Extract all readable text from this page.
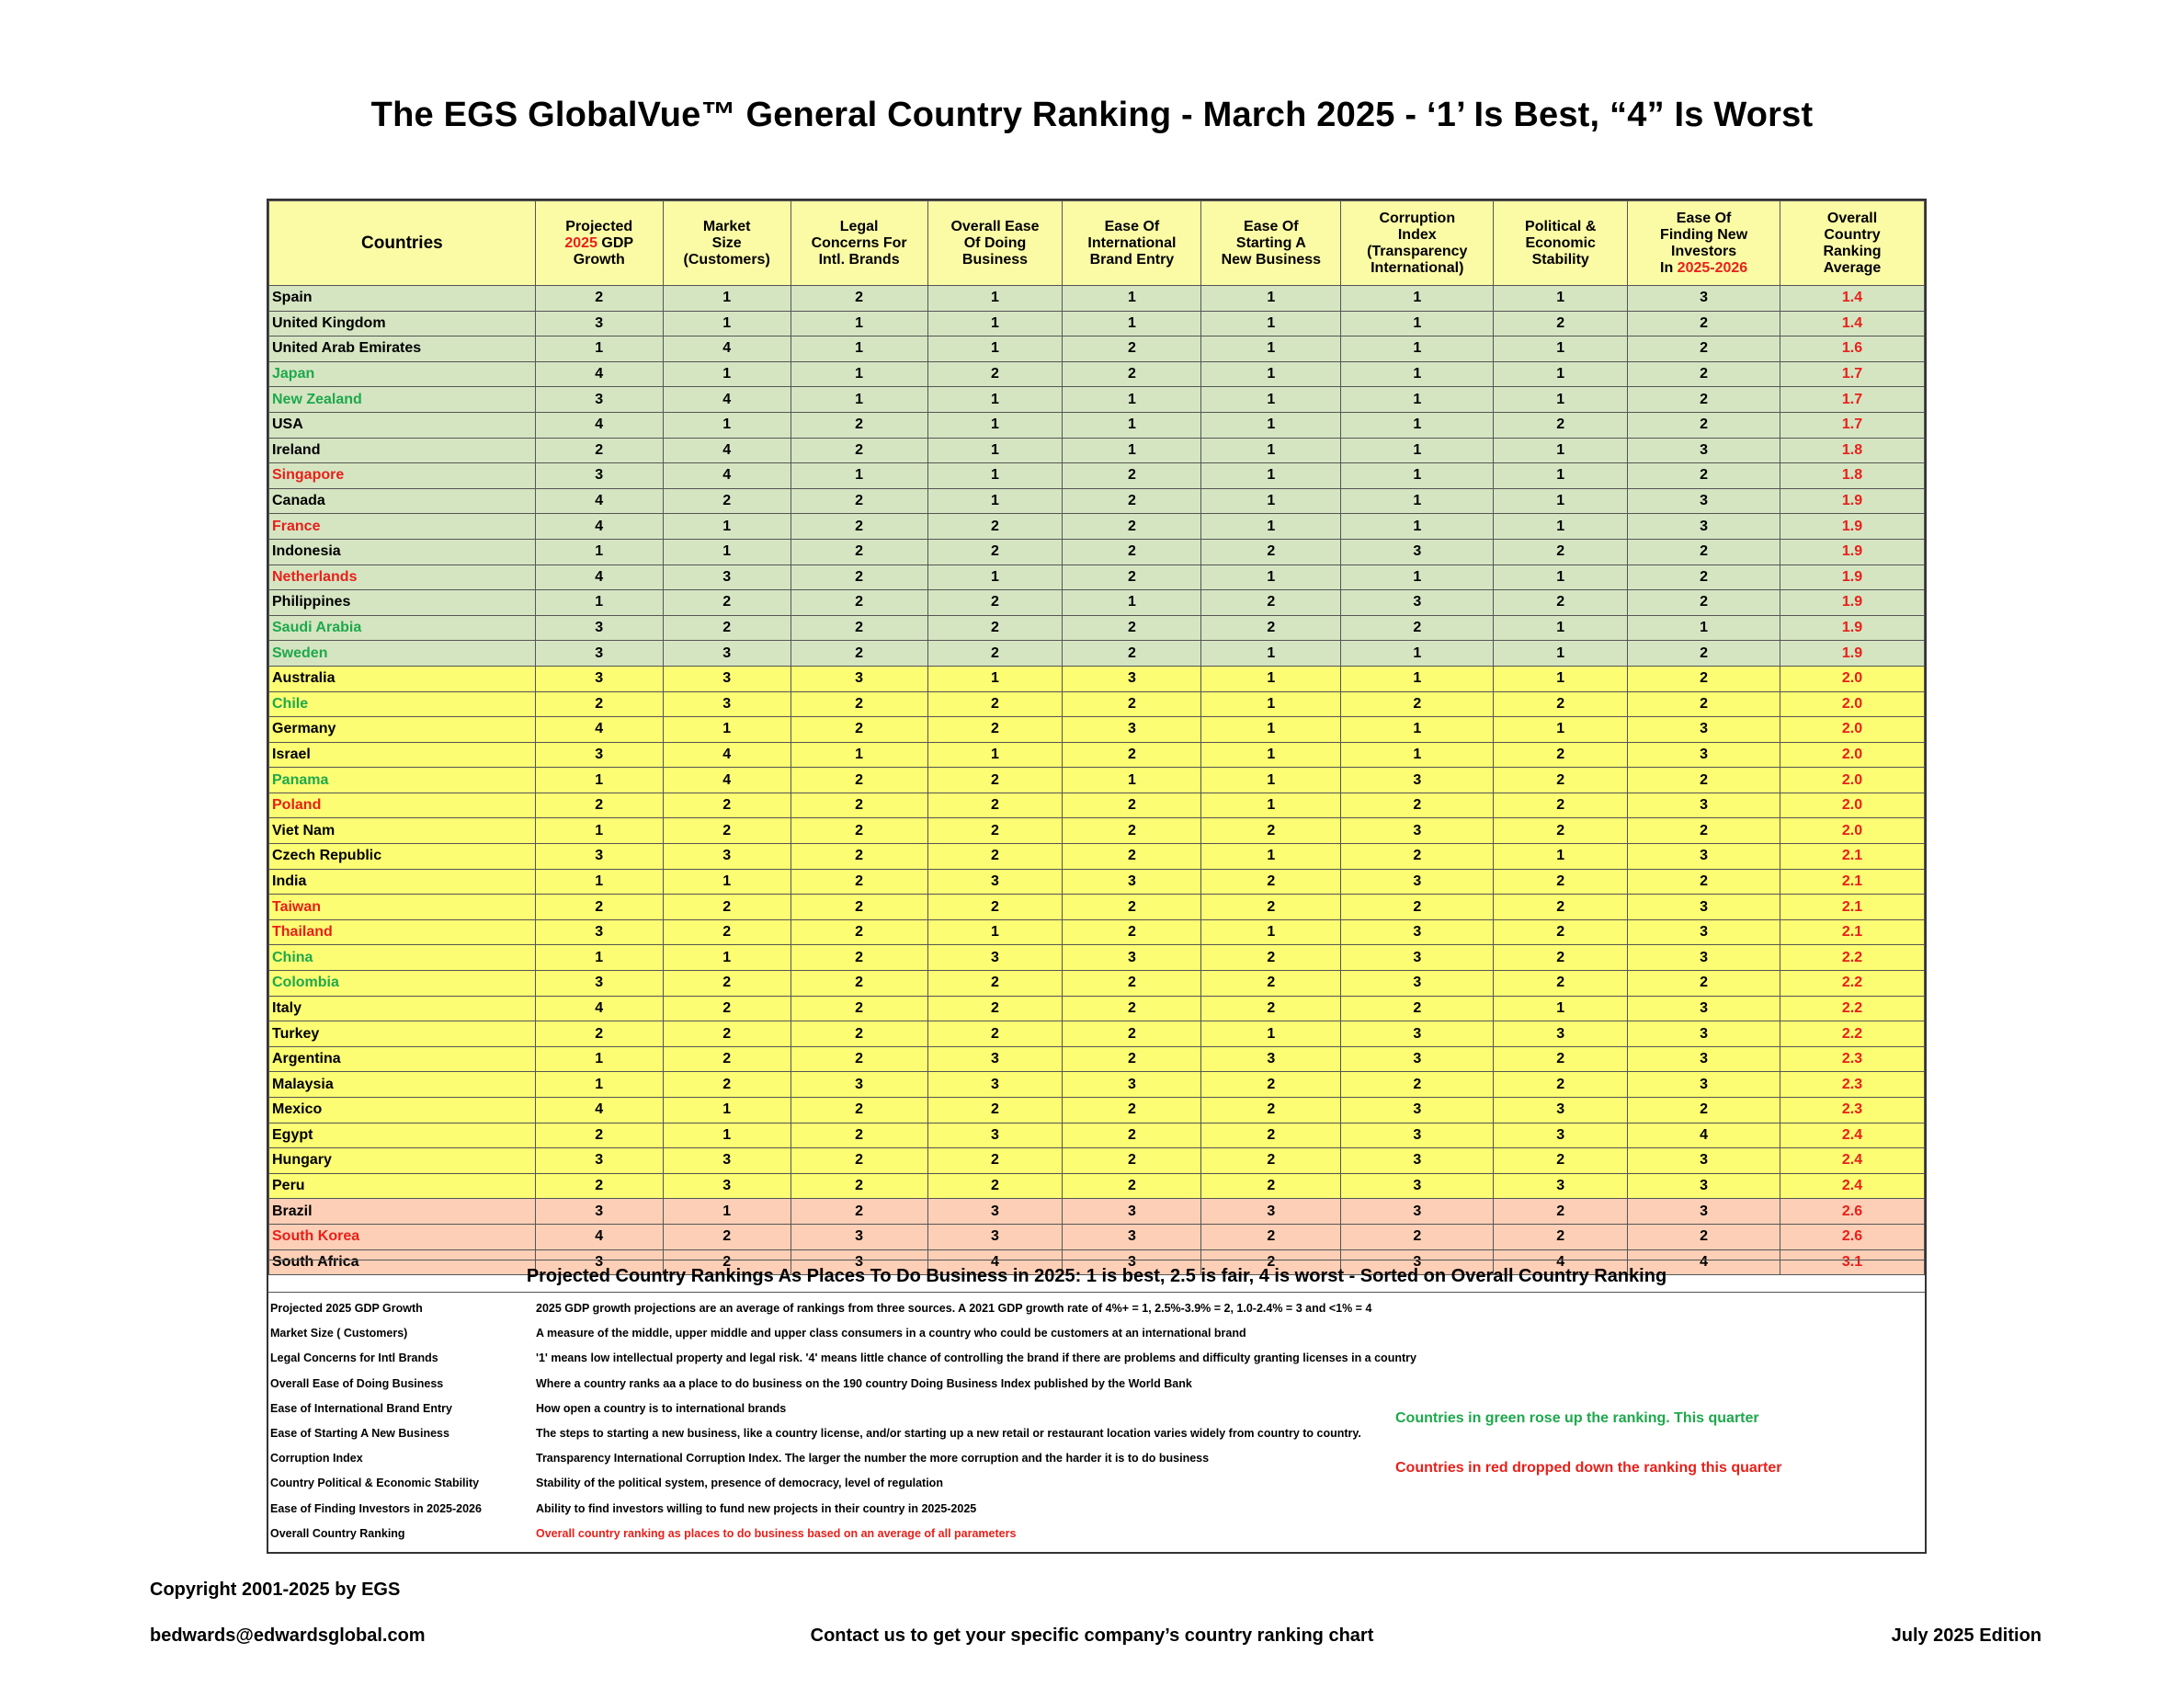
The EGS GlobalVue™ General Country Ranking - March 2025 - ‘1’ Is Best, “4” Is Worst
Countries	Projected
2025 GDP
Growth	Market
Size
(Customers)	Legal
Concerns For
Intl. Brands	Overall Ease
Of Doing
Business	Ease Of
International
Brand Entry	Ease Of
Starting A
New Business	Corruption
Index
(Transparency
International)	Political &
Economic
Stability	Ease Of
Finding New
Investors
In 2025-2026	Overall
Country
Ranking
Average
Spain	2	1	2	1	1	1	1	1	3	1.4
United Kingdom	3	1	1	1	1	1	1	2	2	1.4
United Arab Emirates	1	4	1	1	2	1	1	1	2	1.6
Japan	4	1	1	2	2	1	1	1	2	1.7
New Zealand	3	4	1	1	1	1	1	1	2	1.7
USA	4	1	2	1	1	1	1	2	2	1.7
Ireland	2	4	2	1	1	1	1	1	3	1.8
Singapore	3	4	1	1	2	1	1	1	2	1.8
Canada	4	2	2	1	2	1	1	1	3	1.9
France	4	1	2	2	2	1	1	1	3	1.9
Indonesia	1	1	2	2	2	2	3	2	2	1.9
Netherlands	4	3	2	1	2	1	1	1	2	1.9
Philippines	1	2	2	2	1	2	3	2	2	1.9
Saudi Arabia	3	2	2	2	2	2	2	1	1	1.9
Sweden	3	3	2	2	2	1	1	1	2	1.9
Australia	3	3	3	1	3	1	1	1	2	2.0
Chile	2	3	2	2	2	1	2	2	2	2.0
Germany	4	1	2	2	3	1	1	1	3	2.0
Israel	3	4	1	1	2	1	1	2	3	2.0
Panama	1	4	2	2	1	1	3	2	2	2.0
Poland	2	2	2	2	2	1	2	2	3	2.0
Viet Nam	1	2	2	2	2	2	3	2	2	2.0
Czech Republic	3	3	2	2	2	1	2	1	3	2.1
India	1	1	2	3	3	2	3	2	2	2.1
Taiwan	2	2	2	2	2	2	2	2	3	2.1
Thailand	3	2	2	1	2	1	3	2	3	2.1
China	1	1	2	3	3	2	3	2	3	2.2
Colombia	3	2	2	2	2	2	3	2	2	2.2
Italy	4	2	2	2	2	2	2	1	3	2.2
Turkey	2	2	2	2	2	1	3	3	3	2.2
Argentina	1	2	2	3	2	3	3	2	3	2.3
Malaysia	1	2	3	3	3	2	2	2	3	2.3
Mexico	4	1	2	2	2	2	3	3	2	2.3
Egypt	2	1	2	3	2	2	3	3	4	2.4
Hungary	3	3	2	2	2	2	3	2	3	2.4
Peru	2	3	2	2	2	2	3	3	3	2.4
Brazil	3	1	2	3	3	3	3	2	3	2.6
South Korea	4	2	3	3	3	2	2	2	2	2.6
South Africa	3	2	3	4	3	2	3	4	4	3.1
Projected Country Rankings As Places To Do Business in 2025: 1 is best, 2.5 is fair, 4 is worst - Sorted on Overall Country Ranking
Projected 2025 GDP Growth	2025 GDP growth projections are an average of rankings from three sources. A 2021 GDP growth rate of 4%+ = 1, 2.5%-3.9% = 2, 1.0-2.4% = 3 and <1% = 4
Market Size ( Customers)	A measure of the middle, upper middle and upper class consumers in a country who could be customers at an international brand
Legal Concerns for Intl Brands	'1' means low intellectual property and legal risk. '4' means little chance of controlling the brand if there are problems and difficulty granting licenses in a country
Overall Ease of Doing Business	Where a country ranks aa a place to do business on the 190 country Doing Business Index published by the World Bank
Ease of International Brand Entry	How open a country is to international brands
Ease of Starting A New Business	The steps to starting a new business, like a country license, and/or starting up a new retail or restaurant location varies widely from country to country.
Corruption Index	Transparency International Corruption Index. The larger the number the more corruption and the harder it is to do business
Country Political & Economic Stability	Stability of the political system, presence of democracy, level of regulation
Ease of Finding Investors in 2025-2026	Ability to find investors willing to fund new projects in their country in 2025-2025
Overall Country Ranking	Overall country ranking as places to do business based on an average of all parameters
Countries in green rose up the ranking. This quarter
Countries in red dropped down the ranking this quarter
Copyright 2001-2025 by EGS
bedwards@edwardsglobal.com	Contact us to get your specific company’s country ranking chart	July 2025 Edition
